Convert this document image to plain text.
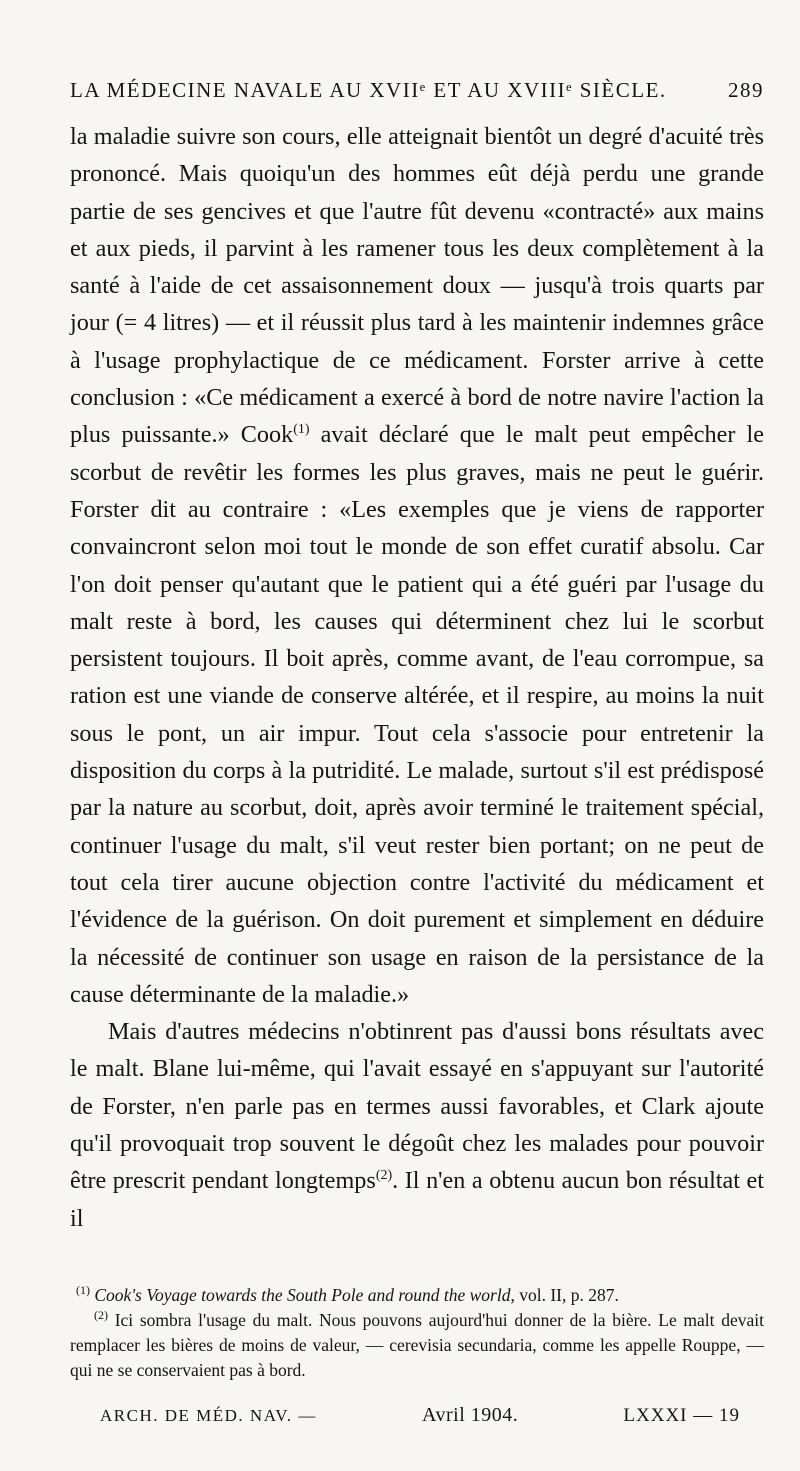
LA MÉDECINE NAVALE AU XVIIᵉ ET AU XVIIIᵉ SIÈCLE.	289

la maladie suivre son cours, elle atteignait bientôt un degré d'acuité très prononcé. Mais quoiqu'un des hommes eût déjà perdu une grande partie de ses gencives et que l'autre fût devenu «contracté» aux mains et aux pieds, il parvint à les ramener tous les deux complètement à la santé à l'aide de cet assaisonnement doux — jusqu'à trois quarts par jour (= 4 litres) — et il réussit plus tard à les maintenir indemnes grâce à l'usage prophylactique de ce médicament. Forster arrive à cette conclusion : «Ce médicament a exercé à bord de notre navire l'action la plus puissante.» Cook$^{(1)}$ avait déclaré que le malt peut empêcher le scorbut de revêtir les formes les plus graves, mais ne peut le guérir. Forster dit au contraire : «Les exemples que je viens de rapporter convaincront selon moi tout le monde de son effet curatif absolu. Car l'on doit penser qu'autant que le patient qui a été guéri par l'usage du malt reste à bord, les causes qui déterminent chez lui le scorbut persistent toujours. Il boit après, comme avant, de l'eau corrompue, sa ration est une viande de conserve altérée, et il respire, au moins la nuit sous le pont, un air impur. Tout cela s'associe pour entretenir la disposition du corps à la putridité. Le malade, surtout s'il est prédisposé par la nature au scorbut, doit, après avoir terminé le traitement spécial, continuer l'usage du malt, s'il veut rester bien portant; on ne peut de tout cela tirer aucune objection contre l'activité du médicament et l'évidence de la guérison. On doit purement et simplement en déduire la nécessité de continuer son usage en raison de la persistance de la cause déterminante de la maladie.»

Mais d'autres médecins n'obtinrent pas d'aussi bons résultats avec le malt. Blane lui-même, qui l'avait essayé en s'appuyant sur l'autorité de Forster, n'en parle pas en termes aussi favorables, et Clark ajoute qu'il provoquait trop souvent le dégoût chez les malades pour pouvoir être prescrit pendant longtemps$^{(2)}$. Il n'en a obtenu aucun bon résultat et il

$^{(1)}$ Cook's Voyage towards the South Pole and round the world, vol. II, p. 287.

$^{(2)}$ Ici sombra l'usage du malt. Nous pouvons aujourd'hui donner de la bière. Le malt devait remplacer les bières de moins de valeur, — cerevisia secundaria, comme les appelle Rouppe, — qui ne se conservaient pas à bord.

ARCH. DE MÉD. NAV. —	Avril 1904.	LXXXI — 19
